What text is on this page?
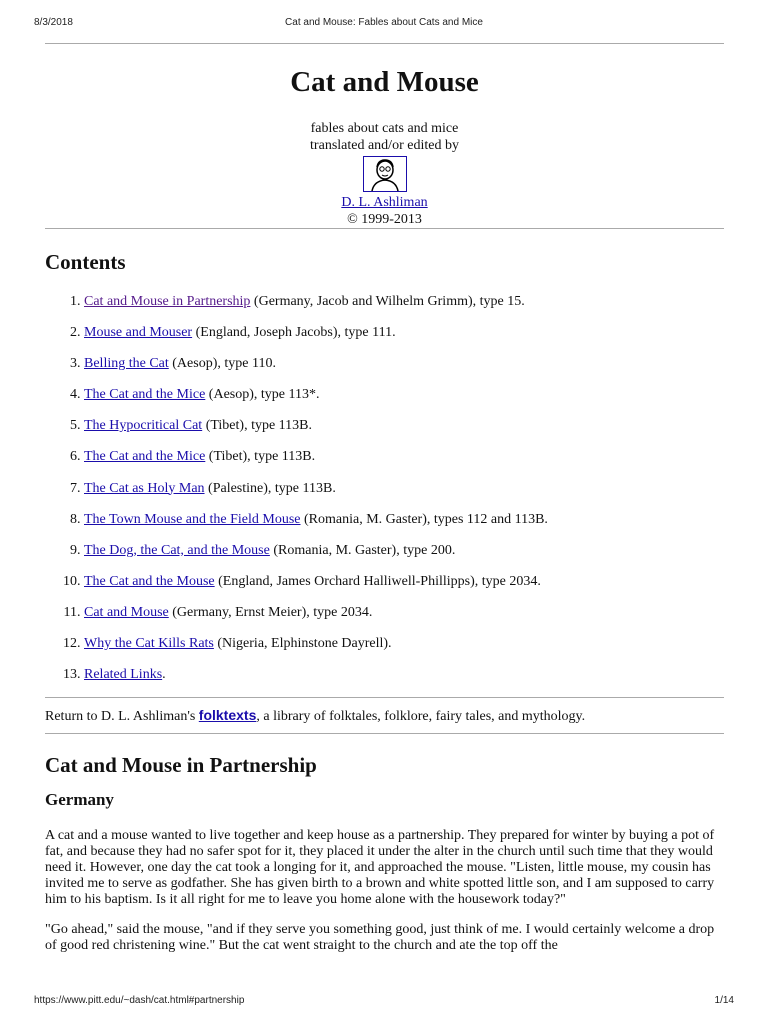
8/3/2018	Cat and Mouse: Fables about Cats and Mice
Cat and Mouse
fables about cats and mice
translated and/or edited by
D. L. Ashliman
© 1999-2013
Contents
1. Cat and Mouse in Partnership (Germany, Jacob and Wilhelm Grimm), type 15.
2. Mouse and Mouser (England, Joseph Jacobs), type 111.
3. Belling the Cat (Aesop), type 110.
4. The Cat and the Mice (Aesop), type 113*.
5. The Hypocritical Cat (Tibet), type 113B.
6. The Cat and the Mice (Tibet), type 113B.
7. The Cat as Holy Man (Palestine), type 113B.
8. The Town Mouse and the Field Mouse (Romania, M. Gaster), types 112 and 113B.
9. The Dog, the Cat, and the Mouse (Romania, M. Gaster), type 200.
10. The Cat and the Mouse (England, James Orchard Halliwell-Phillipps), type 2034.
11. Cat and Mouse (Germany, Ernst Meier), type 2034.
12. Why the Cat Kills Rats (Nigeria, Elphinstone Dayrell).
13. Related Links.
Return to D. L. Ashliman's folktexts, a library of folktales, folklore, fairy tales, and mythology.
Cat and Mouse in Partnership
Germany

A cat and a mouse wanted to live together and keep house as a partnership. They prepared for winter by buying a pot of fat, and because they had no safer spot for it, they placed it under the alter in the church until such time that they would need it. However, one day the cat took a longing for it, and approached the mouse. "Listen, little mouse, my cousin has invited me to serve as godfather. She has given birth to a brown and white spotted little son, and I am supposed to carry him to his baptism. Is it all right for me to leave you home alone with the housework today?"

"Go ahead," said the mouse, "and if they serve you something good, just think of me. I would certainly welcome a drop of good red christening wine." But the cat went straight to the church and ate the top off the

https://www.pitt.edu/~dash/cat.html#partnership	1/14
